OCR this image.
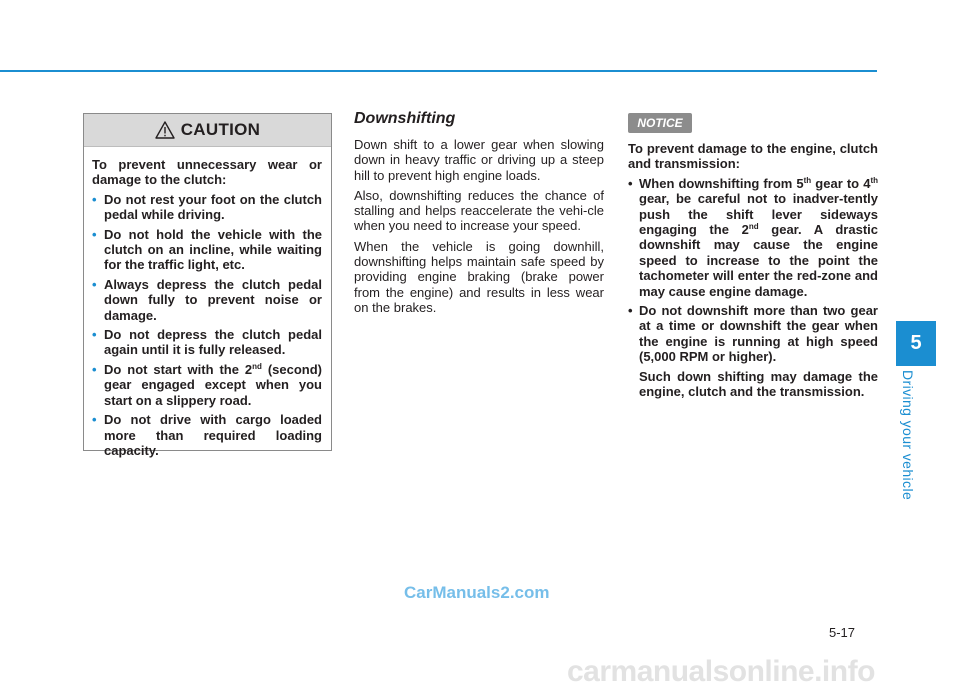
CAUTION

To prevent unnecessary wear or damage to the clutch:

• Do not rest your foot on the clutch pedal while driving.
• Do not hold the vehicle with the clutch on an incline, while waiting for the traffic light, etc.
• Always depress the clutch pedal down fully to prevent noise or damage.
• Do not depress the clutch pedal again until it is fully released.
• Do not start with the 2nd (second) gear engaged except when you start on a slippery road.
• Do not drive with cargo loaded more than required loading capacity.
Downshifting

Down shift to a lower gear when slowing down in heavy traffic or driving up a steep hill to prevent high engine loads.

Also, downshifting reduces the chance of stalling and helps reaccelerate the vehi-cle when you need to increase your speed.

When the vehicle is going downhill, downshifting helps maintain safe speed by providing engine braking (brake power from the engine) and results in less wear on the brakes.

NOTICE

To prevent damage to the engine, clutch and transmission:

• When downshifting from 5th gear to 4th gear, be careful not to inadver-tently push the shift lever sideways engaging the 2nd gear. A drastic downshift may cause the engine speed to increase to the point the tachometer will enter the red-zone and may cause engine damage.
• Do not downshift more than two gear at a time or downshift the gear when the engine is running at high speed (5,000 RPM or higher).
Such down shifting may damage the engine, clutch and the transmission.
5
Driving your vehicle
5-17
CarManuals2.com
carmanualsonline.info
